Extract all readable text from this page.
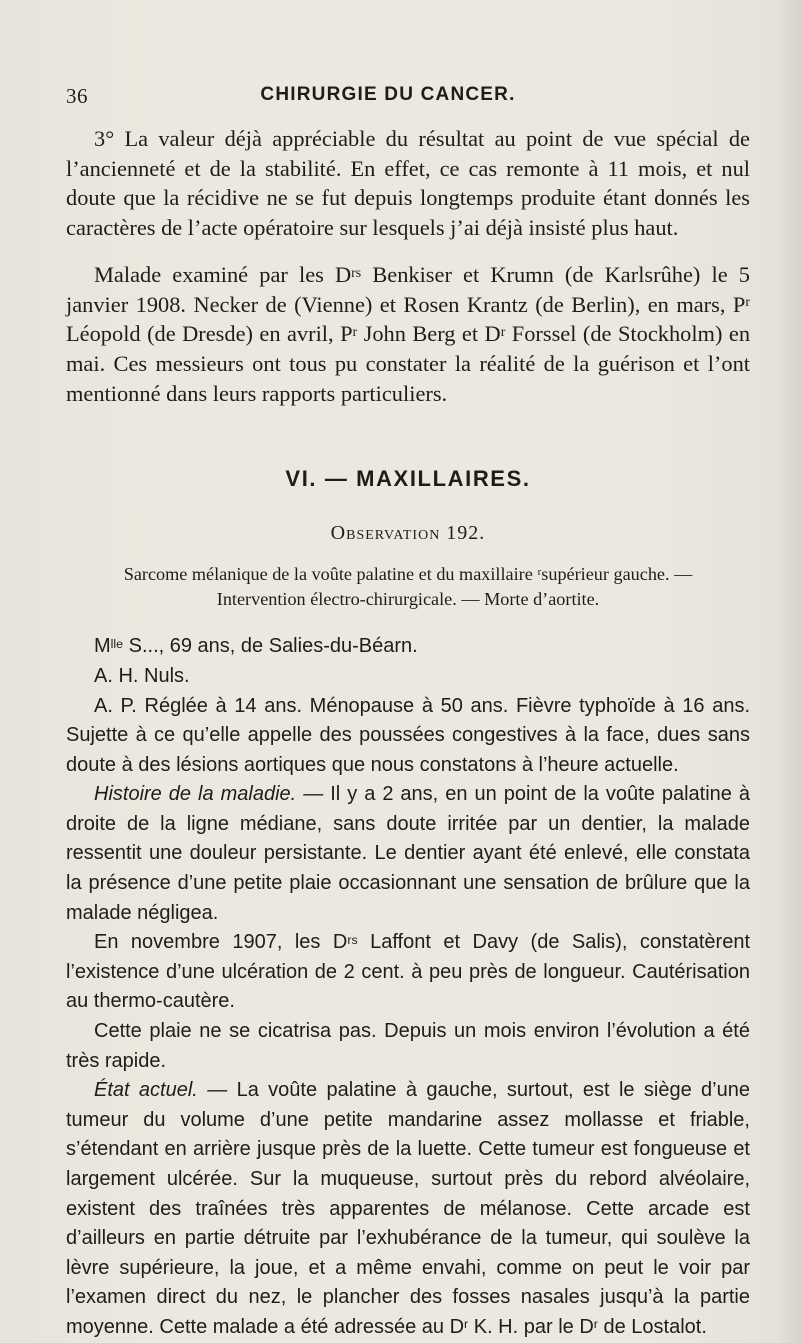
36	CHIRURGIE DU CANCER.

3° La valeur déjà appréciable du résultat au point de vue spécial de l’ancienneté et de la stabilité. En effet, ce cas remonte à 11 mois, et nul doute que la récidive ne se fut depuis longtemps produite étant donnés les caractères de l’acte opératoire sur lesquels j’ai déjà insisté plus haut.

Malade examiné par les $D^{rs}$ Benkiser et Krumn (de Karlsrûhe) le 5 janvier 1908. Necker de (Vienne) et Rosen Krantz (de Berlin), en mars, $P^r$ Léopold (de Dresde) en avril, $P^r$ John Berg et $D^r$ Forssel (de Stockholm) en mai. Ces messieurs ont tous pu constater la réalité de la guérison et l’ont mentionné dans leurs rapports particuliers.

VI. — MAXILLAIRES.
Observation 192.
Sarcome mélanique de la voûte palatine et du maxillaire ʳsupérieur gauche. —
Intervention électro-chirurgicale. — Morte d’aortite.

$M^{lle}$ S..., 69 ans, de Salies-du-Béarn.

A. H. Nuls.

A. P. Réglée à 14 ans. Ménopause à 50 ans. Fièvre typhoïde à 16 ans. Sujette à ce qu’elle appelle des poussées congestives à la face, dues sans doute à des lésions aortiques que nous constatons à l’heure actuelle.

Histoire de la maladie. — Il y a 2 ans, en un point de la voûte palatine à droite de la ligne médiane, sans doute irritée par un dentier, la malade ressentit une douleur persistante. Le dentier ayant été enlevé, elle constata la présence d’une petite plaie occasionnant une sensation de brûlure que la malade négligea.

En novembre 1907, les $D^{rs}$ Laffont et Davy (de Salis), constatèrent l’existence d’une ulcération de 2 cent. à peu près de longueur. Cautérisation au thermo-cautère.

Cette plaie ne se cicatrisa pas. Depuis un mois environ l’évolution a été très rapide.

État actuel. — La voûte palatine à gauche, surtout, est le siège d’une tumeur du volume d’une petite mandarine assez mollasse et friable, s’étendant en arrière jusque près de la luette. Cette tumeur est fongueuse et largement ulcérée. Sur la muqueuse, surtout près du rebord alvéolaire, existent des traînées très apparentes de mélanose. Cette arcade est d’ailleurs en partie détruite par l’exhubérance de la tumeur, qui soulève la lèvre supérieure, la joue, et a même envahi, comme on peut le voir par l’examen direct du nez, le plancher des fosses nasales jusqu’à la partie moyenne. Cette malade a été adressée au $D^r$ K. H. par le $D^r$ de Lostalot.
